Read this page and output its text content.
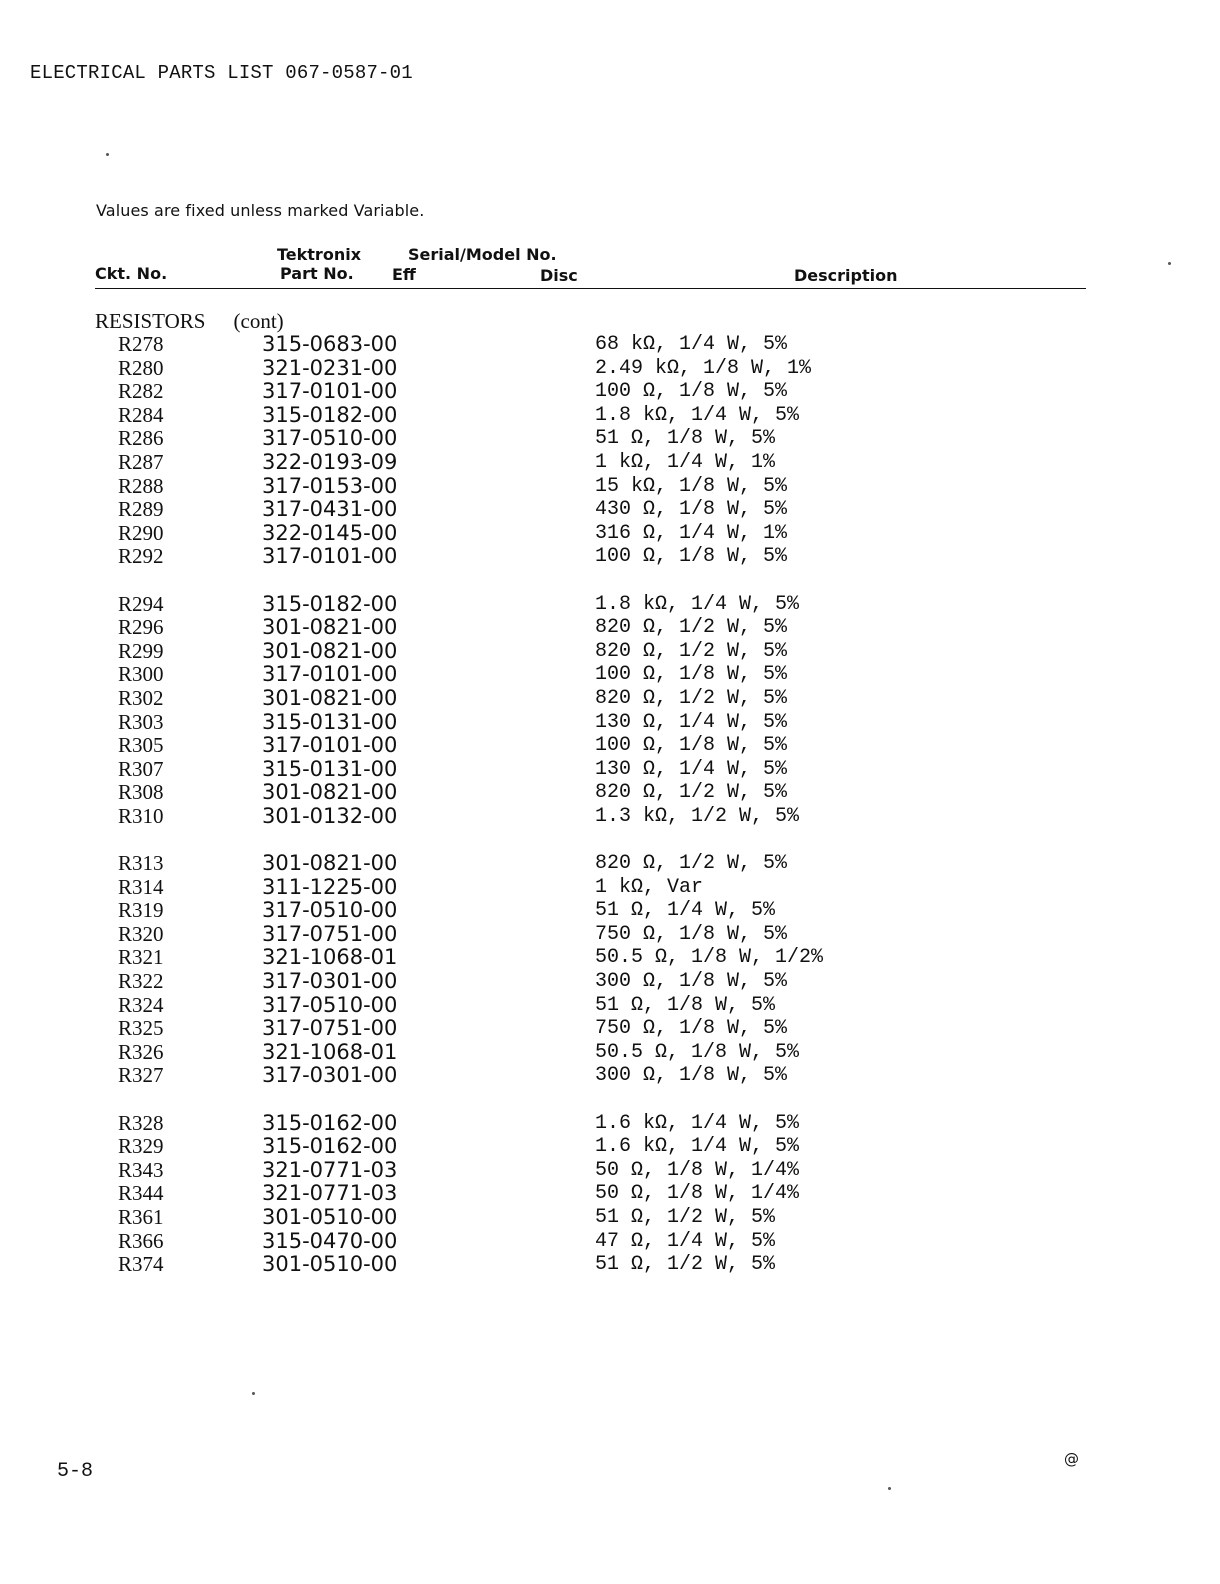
ELECTRICAL PARTS LIST 067-0587-01
Values are fixed unless marked Variable.
Tektronix	Serial/Model No.
Ckt. No.	Part No. Eff	Disc	Description
RESISTORS (cont)
R278	315-0683-00	68 kΩ, 1/4 W, 5%
R280	321-0231-00	2.49 kΩ, 1/8 W, 1%
R282	317-0101-00	100 Ω, 1/8 W, 5%
R284	315-0182-00	1.8 kΩ, 1/4 W, 5%
R286	317-0510-00	51 Ω, 1/8 W, 5%
R287	322-0193-09	1 kΩ, 1/4 W, 1%
R288	317-0153-00	15 kΩ, 1/8 W, 5%
R289	317-0431-00	430 Ω, 1/8 W, 5%
R290	322-0145-00	316 Ω, 1/4 W, 1%
R292	317-0101-00	100 Ω, 1/8 W, 5%
R294	315-0182-00	1.8 kΩ, 1/4 W, 5%
R296	301-0821-00	820 Ω, 1/2 W, 5%
R299	301-0821-00	820 Ω, 1/2 W, 5%
R300	317-0101-00	100 Ω, 1/8 W, 5%
R302	301-0821-00	820 Ω, 1/2 W, 5%
R303	315-0131-00	130 Ω, 1/4 W, 5%
R305	317-0101-00	100 Ω, 1/8 W, 5%
R307	315-0131-00	130 Ω, 1/4 W, 5%
R308	301-0821-00	820 Ω, 1/2 W, 5%
R310	301-0132-00	1.3 kΩ, 1/2 W, 5%
R313	301-0821-00	820 Ω, 1/2 W, 5%
R314	311-1225-00	1 kΩ, Var
R319	317-0510-00	51 Ω, 1/4 W, 5%
R320	317-0751-00	750 Ω, 1/8 W, 5%
R321	321-1068-01	50.5 Ω, 1/8 W, 1/2%
R322	317-0301-00	300 Ω, 1/8 W, 5%
R324	317-0510-00	51 Ω, 1/8 W, 5%
R325	317-0751-00	750 Ω, 1/8 W, 5%
R326	321-1068-01	50.5 Ω, 1/8 W, 5%
R327	317-0301-00	300 Ω, 1/8 W, 5%
R328	315-0162-00	1.6 kΩ, 1/4 W, 5%
R329	315-0162-00	1.6 kΩ, 1/4 W, 5%
R343	321-0771-03	50 Ω, 1/8 W, 1/4%
R344	321-0771-03	50 Ω, 1/8 W, 1/4%
R361	301-0510-00	51 Ω, 1/2 W, 5%
R366	315-0470-00	47 Ω, 1/4 W, 5%
R374	301-0510-00	51 Ω, 1/2 W, 5%
5-8
@
